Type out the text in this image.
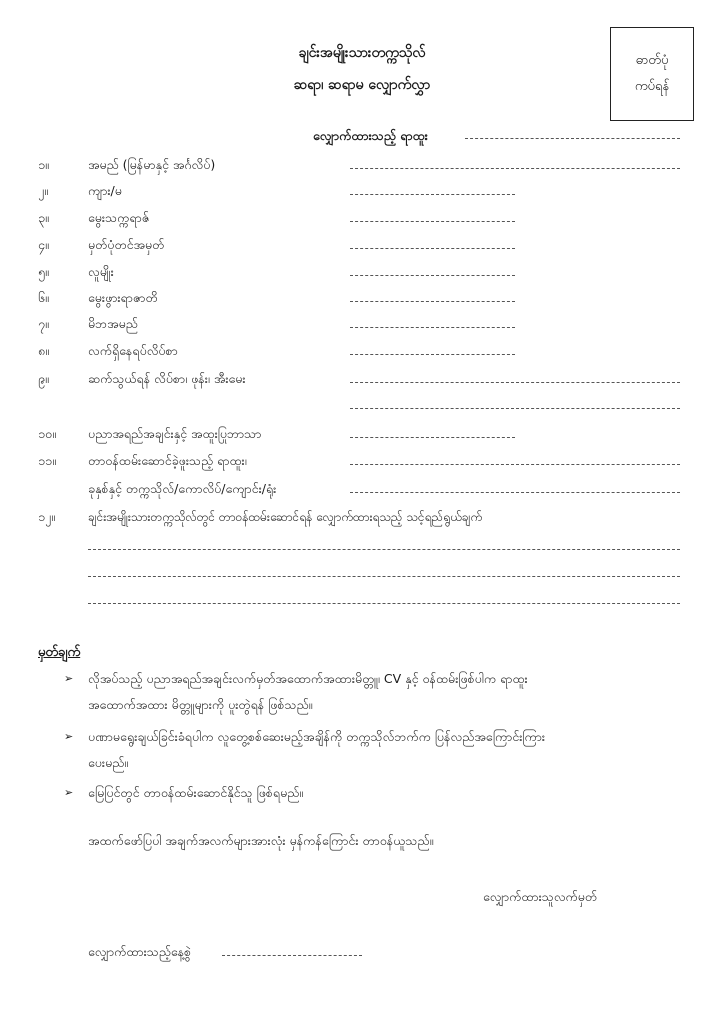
ဓာတ်ပုံ
ကပ်ရန်
ချင်းအမျိုးသားတက္ကသိုလ်
ဆရာ၊ ဆရာမ လျှောက်လွှာ
လျှောက်ထားသည့် ရာထူး
၁။	အမည် (မြန်မာနှင့် အင်္ဂလိပ်)
၂။	ကျား/မ
၃။	မွေးသက္ကရာဇ်
၄။	မှတ်ပုံတင်အမှတ်
၅။	လူမျိုး
၆။	မွေးဖွားရာဇာတိ
၇။	မိဘအမည်
၈။	လက်ရှိနေရပ်လိပ်စာ
၉။	ဆက်သွယ်ရန် လိပ်စာ၊ ဖုန်း၊ အီးမေး
၁၀။	ပညာအရည်အချင်းနှင့် အထူးပြုဘာသာ
၁၁။	တာဝန်ထမ်းဆောင်ခဲ့ဖူးသည့် ရာထူး၊
ခုနှစ်နှင့် တက္ကသိုလ်/ကောလိပ်/ကျောင်း/ရုံး
၁၂။	ချင်းအမျိုးသားတက္ကသိုလ်တွင် တာဝန်ထမ်းဆောင်ရန် လျှောက်ထားရသည့် သင့်ရည်ရွယ်ချက်
မှတ်ချက်
➢ လိုအပ်သည့် ပညာအရည်အချင်းလက်မှတ်အထောက်အထားမိတ္တူ၊ CV နှင့် ဝန်ထမ်းဖြစ်ပါက ရာထူး
အထောက်အထား မိတ္တူများကို ပူးတွဲရန် ဖြစ်သည်။
➢ ပဏာမရွေးချယ်ခြင်းခံရပါက လူတွေ့စစ်ဆေးမည့်အချိန်ကို တက္ကသိုလ်ဘက်က ပြန်လည်အကြောင်းကြား
ပေးမည်။
➢ မြေပြင်တွင် တာဝန်ထမ်းဆောင်နိုင်သူ ဖြစ်ရမည်။
အထက်ဖော်ပြပါ အချက်အလက်များအားလုံး မှန်ကန်ကြောင်း တာဝန်ယူသည်။
လျှောက်ထားသူလက်မှတ်
လျှောက်ထားသည့်နေ့စွဲ
